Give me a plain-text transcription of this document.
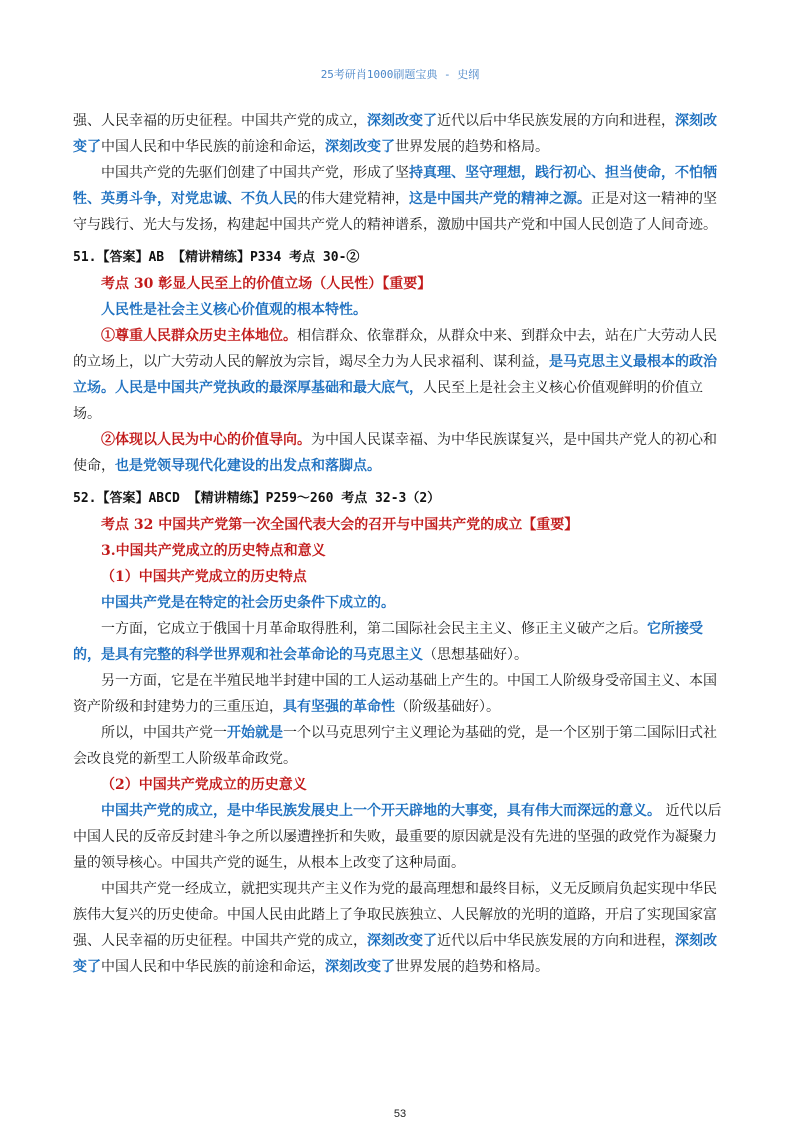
25考研肖1000刷题宝典 - 史纲

强、人民幸福的历史征程。中国共产党的成立，深刻改变了近代以后中华民族发展的方向和进程，深刻改变了中国人民和中华民族的前途和命运，深刻改变了世界发展的趋势和格局。

中国共产党的先驱们创建了中国共产党，形成了坚持真理、坚守理想，践行初心、担当使命，不怕牺牲、英勇斗争，对党忠诚、不负人民的伟大建党精神，这是中国共产党的精神之源。正是对这一精神的坚守与践行、光大与发扬，构建起中国共产党人的精神谱系，激励中国共产党和中国人民创造了人间奇迹。

51.【答案】AB 【精讲精练】P334 考点 30-②

考点 30 彰显人民至上的价值立场（人民性）【重要】

人民性是社会主义核心价值观的根本特性。

①尊重人民群众历史主体地位。相信群众、依靠群众，从群众中来、到群众中去，站在广大劳动人民的立场上，以广大劳动人民的解放为宗旨，竭尽全力为人民求福利、谋利益，是马克思主义最根本的政治立场。人民是中国共产党执政的最深厚基础和最大底气，人民至上是社会主义核心价值观鲜明的价值立场。

②体现以人民为中心的价值导向。为中国人民谋幸福、为中华民族谋复兴，是中国共产党人的初心和使命，也是党领导现代化建设的出发点和落脚点。

52.【答案】ABCD 【精讲精练】P259～260 考点 32-3（2）

考点 32 中国共产党第一次全国代表大会的召开与中国共产党的成立【重要】

3.中国共产党成立的历史特点和意义

（1）中国共产党成立的历史特点

中国共产党是在特定的社会历史条件下成立的。

一方面，它成立于俄国十月革命取得胜利，第二国际社会民主主义、修正主义破产之后。它所接受的，是具有完整的科学世界观和社会革命论的马克思主义（思想基础好）。

另一方面，它是在半殖民地半封建中国的工人运动基础上产生的。中国工人阶级身受帝国主义、本国资产阶级和封建势力的三重压迫，具有坚强的革命性（阶级基础好）。

所以，中国共产党一开始就是一个以马克思列宁主义理论为基础的党，是一个区别于第二国际旧式社会改良党的新型工人阶级革命政党。

（2）中国共产党成立的历史意义

中国共产党的成立，是中华民族发展史上一个开天辟地的大事变，具有伟大而深远的意义。 近代以后中国人民的反帝反封建斗争之所以屡遭挫折和失败，最重要的原因就是没有先进的坚强的政党作为凝聚力量的领导核心。中国共产党的诞生，从根本上改变了这种局面。

中国共产党一经成立，就把实现共产主义作为党的最高理想和最终目标，义无反顾肩负起实现中华民族伟大复兴的历史使命。中国人民由此踏上了争取民族独立、人民解放的光明的道路，开启了实现国家富强、人民幸福的历史征程。中国共产党的成立，深刻改变了近代以后中华民族发展的方向和进程，深刻改变了中国人民和中华民族的前途和命运，深刻改变了世界发展的趋势和格局。

53
